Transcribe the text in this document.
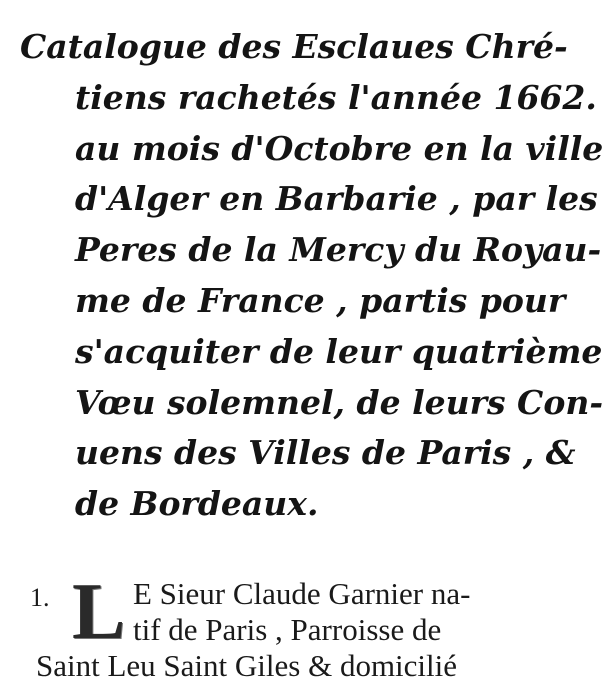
Catalogue des Esclaues Chré-
tiens rachetés l'année 1662.
au mois d'Octobre en la ville
d'Alger en Barbarie , par les
Peres de la Mercy du Royau-
me de France , partis pour
s'acquiter de leur quatrième
Vœu solemnel, de leurs Con-
uens des Villes de Paris , &
de Bordeaux.
1. L E Sieur Claude Garnier na-
tif de Paris , Parroisse de
Saint Leu Saint Giles & domicilié
